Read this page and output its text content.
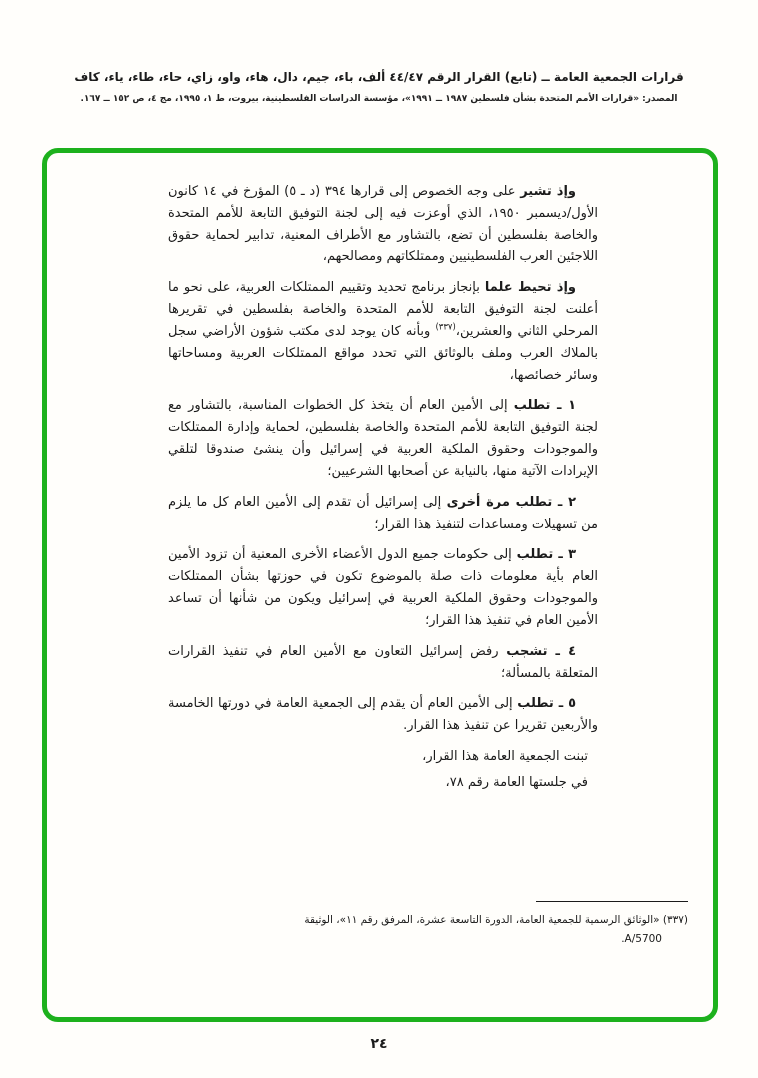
قرارات الجمعية العامة ــ (تابع) القرار الرقم ٤٤/٤٧ ألف، باء، جيم، دال، هاء، واو، زاي، حاء، طاء، ياء، كاف
المصدر: «قرارات الأمم المتحدة بشأن فلسطين ١٩٨٧ ــ ١٩٩١»، مؤسسة الدراسات الفلسطينية، بيروت، ط ١، ١٩٩٥، مج ٤، ص ١٥٢ ــ ١٦٧.

وإذ تشير على وجه الخصوص إلى قرارها ٣٩٤ (د ـ ٥) المؤرخ في ١٤ كانون الأول/ديسمبر ١٩٥٠، الذي أوعزت فيه إلى لجنة التوفيق التابعة للأمم المتحدة والخاصة بفلسطين أن تضع، بالتشاور مع الأطراف المعنية، تدابير لحماية حقوق اللاجئين العرب الفلسطينيين وممتلكاتهم ومصالحهم،

وإذ تحيط علما بإنجاز برنامج تحديد وتقييم الممتلكات العربية، على نحو ما أعلنت لجنة التوفيق التابعة للأمم المتحدة والخاصة بفلسطين في تقريرها المرحلي الثاني والعشرين،$^{(٣٣٧)}$ وبأنه كان يوجد لدى مكتب شؤون الأراضي سجل بالملاك العرب وملف بالوثائق التي تحدد مواقع الممتلكات العربية ومساحاتها وسائر خصائصها،

١ ـ تطلب إلى الأمين العام أن يتخذ كل الخطوات المناسبة، بالتشاور مع لجنة التوفيق التابعة للأمم المتحدة والخاصة بفلسطين، لحماية وإدارة الممتلكات والموجودات وحقوق الملكية العربية في إسرائيل وأن ينشئ صندوقا لتلقي الإيرادات الآتية منها، بالنيابة عن أصحابها الشرعيين؛

٢ ـ تطلب مرة أخرى إلى إسرائيل أن تقدم إلى الأمين العام كل ما يلزم من تسهيلات ومساعدات لتنفيذ هذا القرار؛

٣ ـ تطلب إلى حكومات جميع الدول الأعضاء الأخرى المعنية أن تزود الأمين العام بأية معلومات ذات صلة بالموضوع تكون في حوزتها بشأن الممتلكات والموجودات وحقوق الملكية العربية في إسرائيل ويكون من شأنها أن تساعد الأمين العام في تنفيذ هذا القرار؛

٤ ـ تشجب رفض إسرائيل التعاون مع الأمين العام في تنفيذ القرارات المتعلقة بالمسألة؛

٥ ـ تطلب إلى الأمين العام أن يقدم إلى الجمعية العامة في دورتها الخامسة والأربعين تقريرا عن تنفيذ هذا القرار.

تبنت الجمعية العامة هذا القرار،

في جلستها العامة رقم ٧٨،

(٣٣٧) «الوثائق الرسمية للجمعية العامة، الدورة التاسعة عشرة، المرفق رقم ١١»، الوثيقة A/5700.

٢٤
